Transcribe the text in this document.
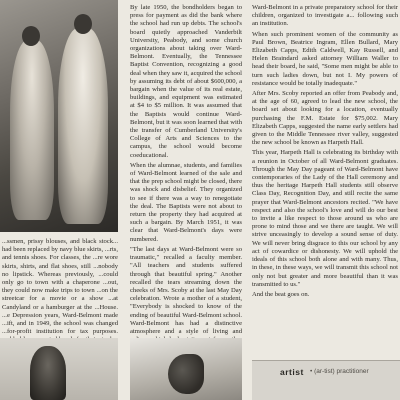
...ssmen, prissy blouses, and black stock... had been replaced by navy blue skirts, ...rts, and tennis shoes. For classes, the ...re wore skirts, shirts, and flat shoes, still ...nobody no lipstick. Whereas previously, ...could only go to town with a chaperone ...out, they could now make trips to town ...on the streetcar for a movie or a show ...at Candyland or a hamburger at the ...House. ...e Depression years, Ward-Belmont made ...ift, and in 1949, the school was changed ...for-profit institution for tax purposes.

By late 1950, the bondholders began to press for payment as did the bank where the school had run up debts. The school's board quietly approached Vanderbilt University, Peabody, and some church organizations about taking over Ward-Belmont. Eventually, the Tennessee Baptist Convention, recognizing a good deal when they saw it, acquired the school by assuming its debt of about $600,000, a bargain when the value of its real estate, buildings, and equipment was estimated at $4 to $5 million. It was assumed that the Baptists would continue Ward-Belmont, but it was soon learned that with the transfer of Cumberland University's College of Arts and Sciences to the campus, the school would become coeducational.

When the alumnae, students, and families of Ward-Belmont learned of the sale and that the prep school might be closed, there was shock and disbelief. They organized to see if there was a way to renegotiate the deal. The Baptists were not about to return the property they had acquired at such a bargain. By March 1951, it was clear that Ward-Belmont's days were numbered.

"The last days at Ward-Belmont were so traumatic," recalled a faculty member. "All teachers and students suffered through that beautiful spring." Another recalled the tears streaming down the cheeks of Mrs. Scoby at the last May Day celebration. Wrote a mother of a student, "Everybody is shocked to know of the ending of beautiful Ward-Belmont school. Ward-Belmont has had a distinctive atmosphere and a style of living and

Ward-Belmont in a private preparatory school for their children, organized to investigate a... following such an institution.

When such prominent women of the community as Paul Brown, Beatrice Ingram, Ellen Bullard, Mary Elizabeth Capps, Edith Caldwell, Kay Russell, and Helen Braindard asked attorney William Waller to head their board, he said, "Some men might be able to turn such ladies down, but not I. My powers of resistance would be totally inadequate."

After Mrs. Scoby reported an offer from Peabody and, at the age of 60, agreed to lead the new school, the board set about looking for a location, eventually purchasing the F.M. Estate for $75,002. Mary Elizabeth Capps, suggested the name early settlers had given to the Middle Tennessee river valley, suggested the new school be known as Harpeth Hall.

This year, Harpeth Hall is celebrating its birthday with a reunion in October of all Ward-Belmont graduates. Through the May Day pageant of Ward-Belmont have contemporaries of the Lady of the Hall ceremony and thus the heritage Harpeth Hall students still observe Class Day, Recognition Day, and still recite the same prayer that Ward-Belmont ancestors recited. "We have respect and also the school's love and will do our best to invite a like respect to those around us who are prone to mind those and we there are taught. We will strive unceasingly to develop a sound sense of duty. We will never bring disgrace to this our school by any act of cowardice or dishonesty. We will uphold the ideals of this school both alone and with many. Thus, in these, in these ways, we will transmit this school not only not but greater and more beautiful than it was transmitted to us."

And the beat goes on.

artist • (ar-tist) practitioner
